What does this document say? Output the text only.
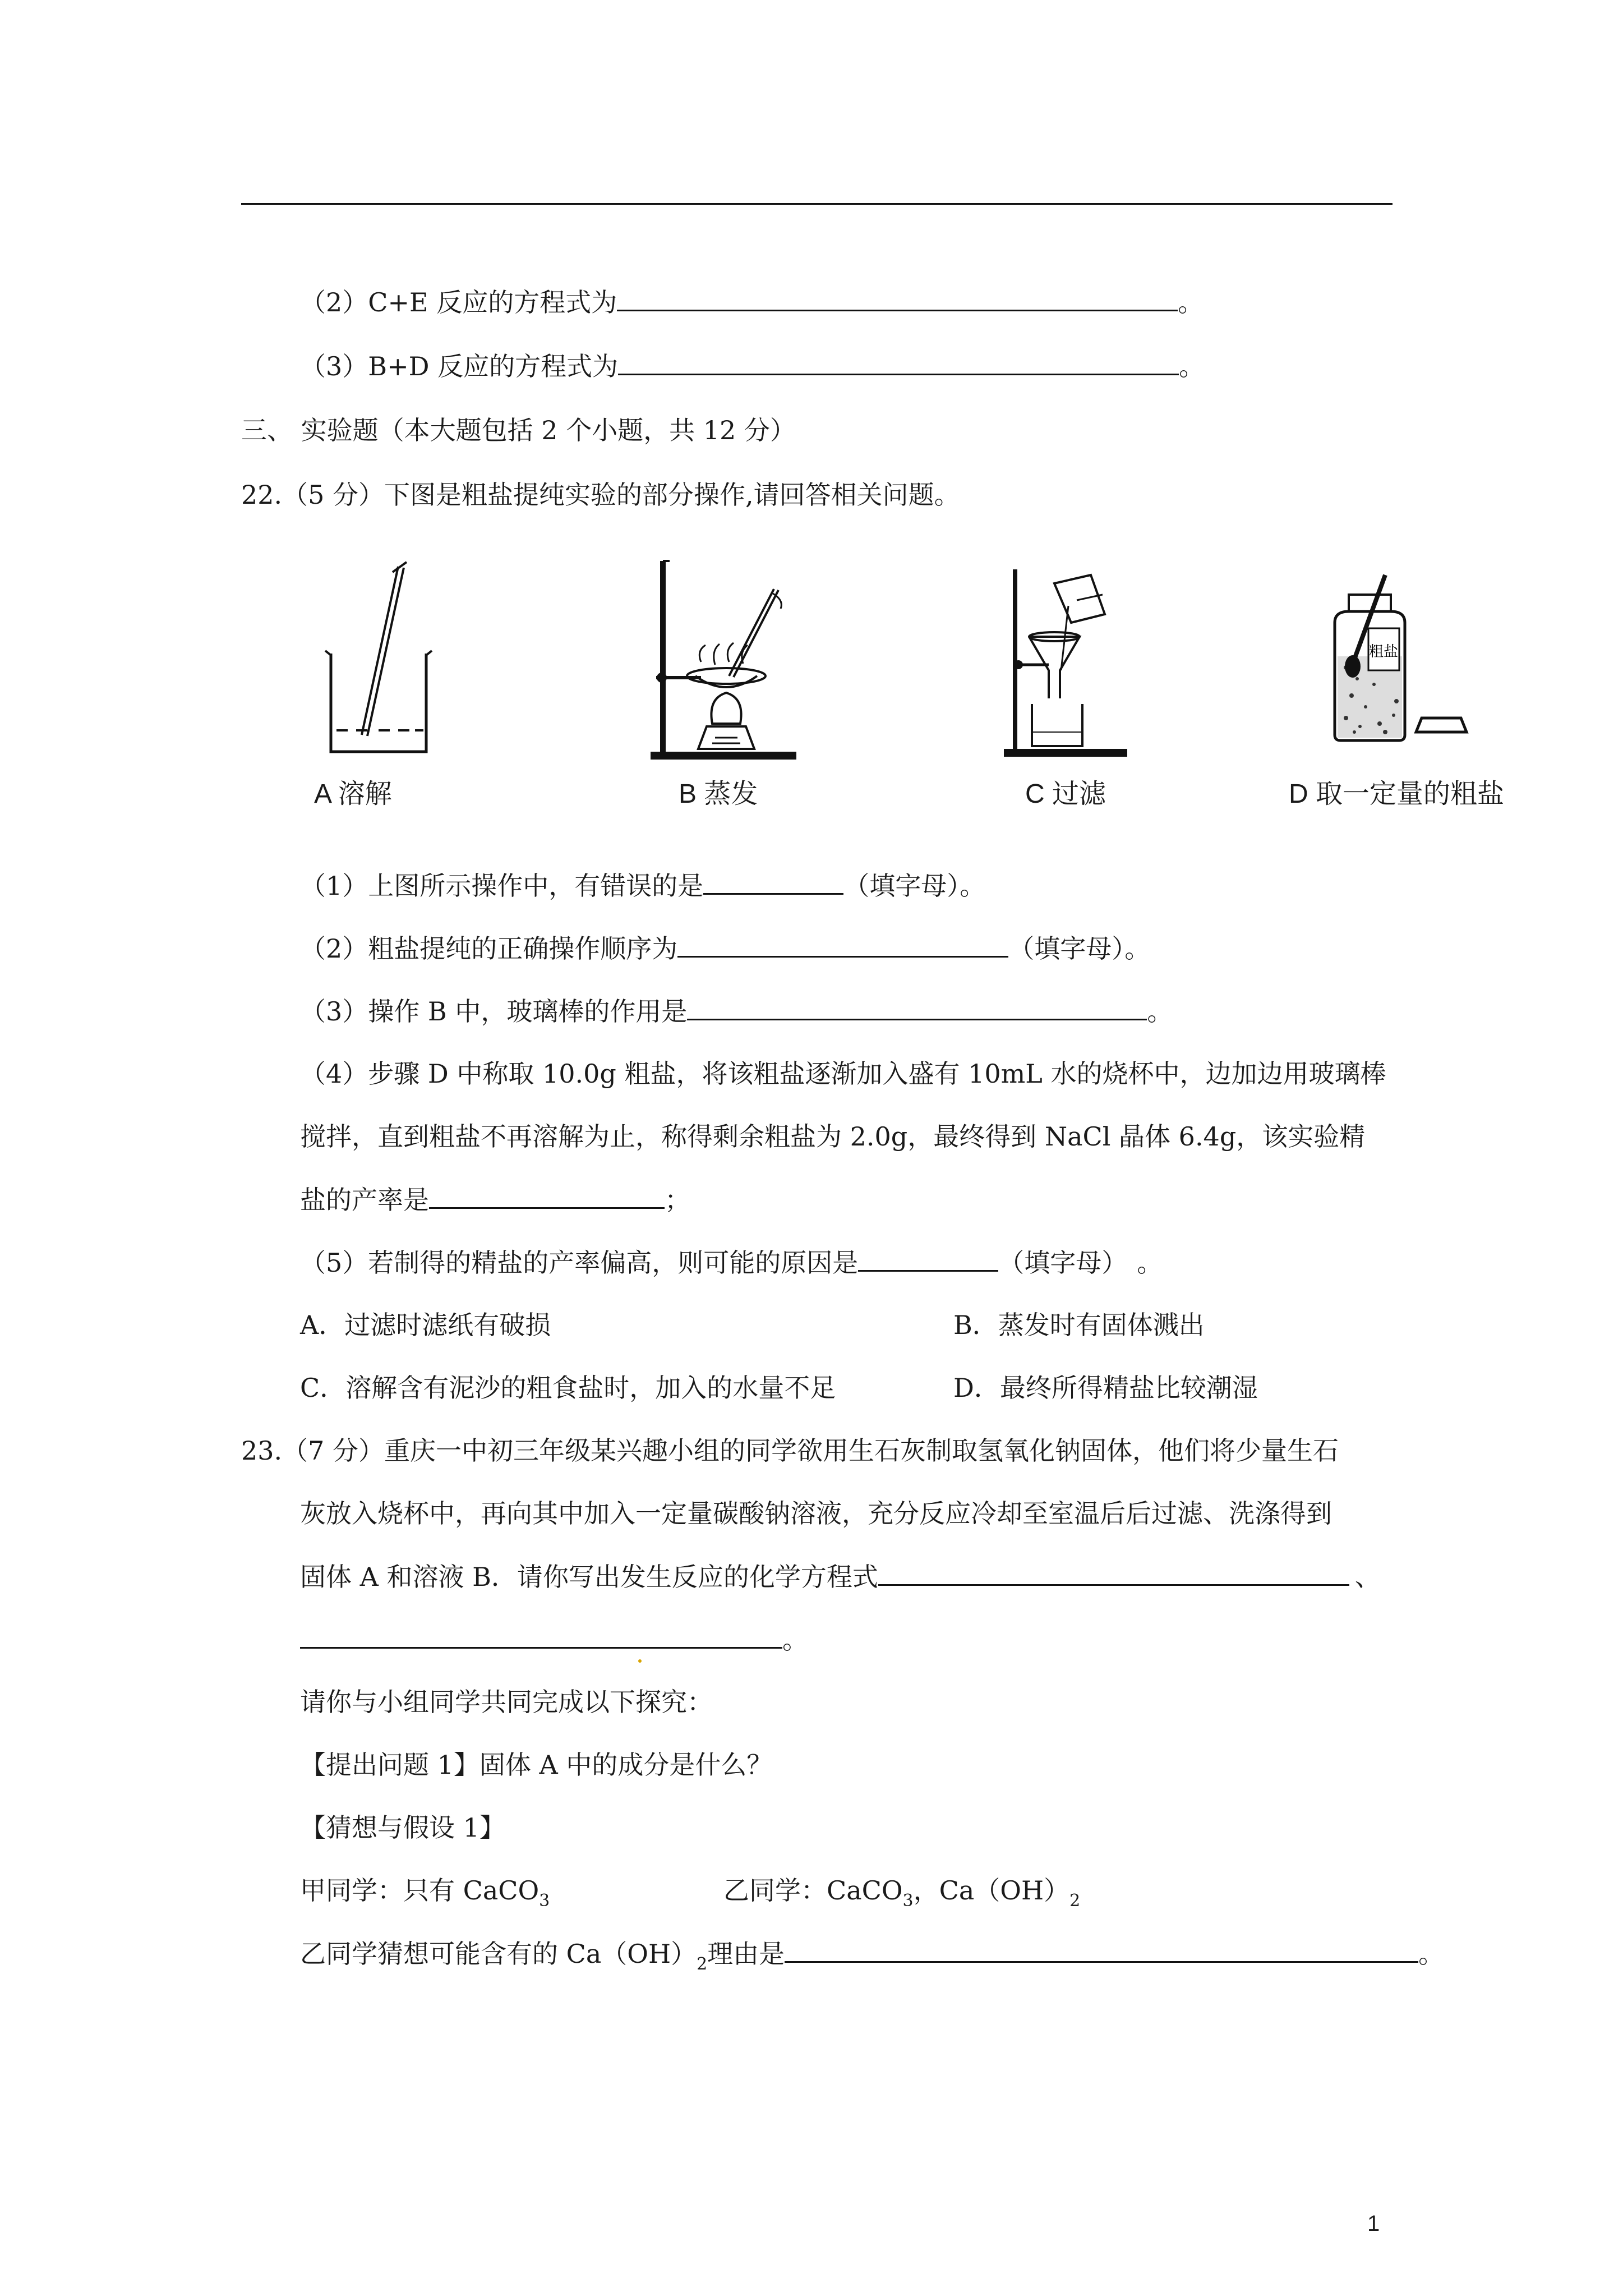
（2）C+E 反应的方程式为	。
（3）B+D 反应的方程式为	。
三、 实验题（本大题包括 2 个小题，共 12 分）
22.（5 分）下图是粗盐提纯实验的部分操作,请回答相关问题。
粗盐
A 溶解	B 蒸发	C 过滤	D 取一定量的粗盐
（1）上图所示操作中，有错误的是	（填字母）。
（2）粗盐提纯的正确操作顺序为	（填字母）。
（3）操作 B 中，玻璃棒的作用是	。
（4）步骤 D 中称取 10.0g 粗盐，将该粗盐逐渐加入盛有 10mL 水的烧杯中，边加边用玻璃棒
搅拌，直到粗盐不再溶解为止，称得剩余粗盐为 2.0g，最终得到 NaCl 晶体 6.4g，该实验精
盐的产率是	；
（5）若制得的精盐的产率偏高，则可能的原因是	（填字母） 。
A．过滤时滤纸有破损	B．蒸发时有固体溅出
C．溶解含有泥沙的粗食盐时，加入的水量不足	D．最终所得精盐比较潮湿
23.（7 分）重庆一中初三年级某兴趣小组的同学欲用生石灰制取氢氧化钠固体，他们将少量生石
灰放入烧杯中，再向其中加入一定量碳酸钠溶液，充分反应冷却至室温后后过滤、洗涤得到
固体 A 和溶液 B．请你写出发生反应的化学方程式	、
。
请你与小组同学共同完成以下探究：
【提出问题 1】固体 A 中的成分是什么？
【猜想与假设 1】
甲同学：只有 CaCO$_3$	乙同学：CaCO$_3$，$Ca(OH)_2$
乙同学猜想可能含有的 $Ca(OH)_2$理由是	。
1
